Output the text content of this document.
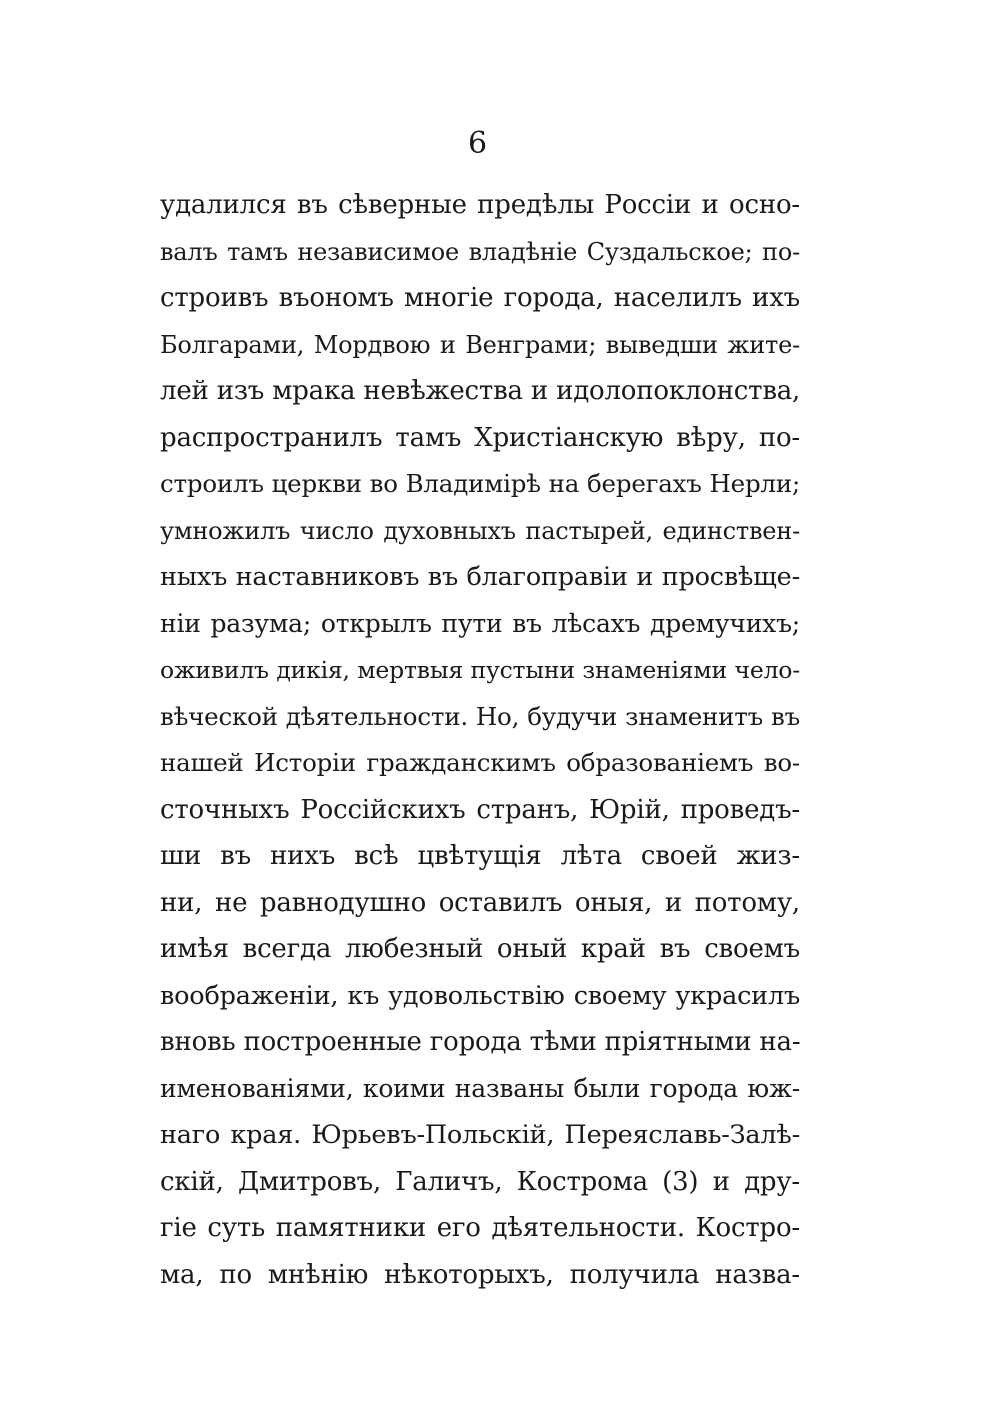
6
удалился въ сѣверные предѣлы Россіи и осно-
валъ тамъ независимое владѣніе Суздальское; по-
строивъ въономъ многіе города, населилъ ихъ
Болгарами, Мордвою и Венграми; выведши жите-
лей изъ мрака невѣжества и идолопоклонства,
распространилъ тамъ Христіанскую вѣру, по-
строилъ церкви во Владимірѣ на берегахъ Нерли;
умножилъ число духовныхъ пастырей, единствен-
ныхъ наставниковъ въ благоправіи и просвѣще-
ніи разума; открылъ пути въ лѣсахъ дремучихъ;
оживилъ дикія, мертвыя пустыни знаменіями чело-
вѣческой дѣятельности. Но, будучи знаменитъ въ
нашей Исторіи гражданскимъ образованіемъ во-
сточныхъ Россійскихъ странъ, Юрій, проведъ-
ши въ нихъ всѣ цвѣтущія лѣта своей жиз-
ни, не равнодушно оставилъ оныя, и потому,
имѣя всегда любезный оный край въ своемъ
воображеніи, къ удовольствію своему украсилъ
вновь построенные города тѣми пріятными на-
именованіями, коими названы были города юж-
наго края. Юрьевъ-Польскій, Переяславь-Залѣ-
скій, Дмитровъ, Галичъ, Кострома (3) и дру-
гіе суть памятники его дѣятельности. Костро-
ма, по мнѣнію нѣкоторыхъ, получила назва-
